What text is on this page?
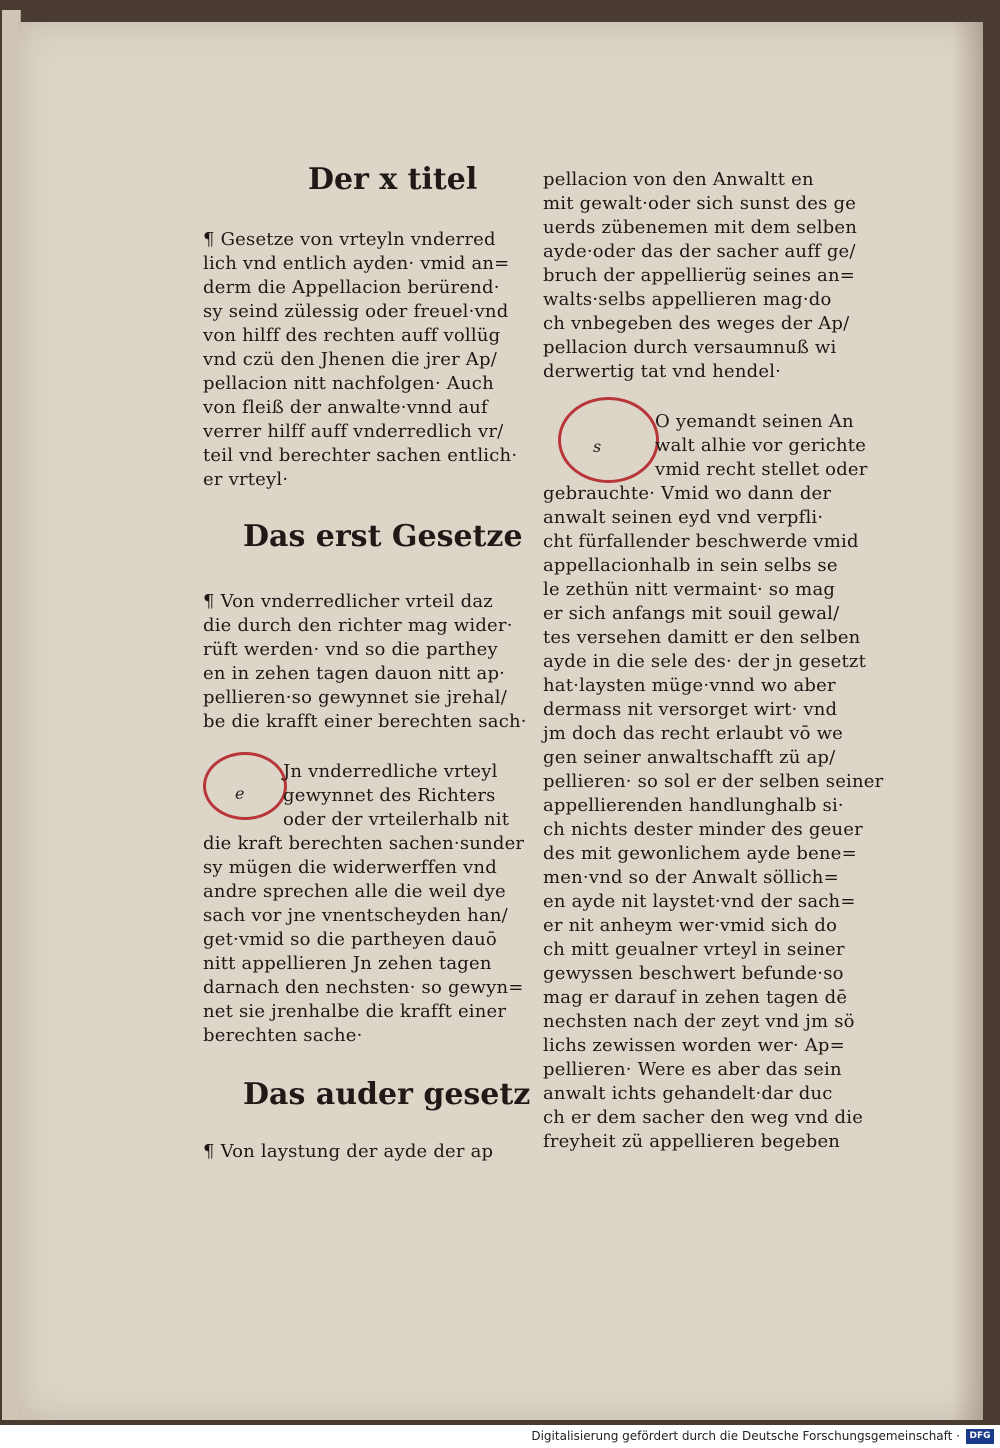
Der x titel
¶ Gesetze von vrteyln vnderred
lich vnd entlich ayden· vmid an=
derm die Appellacion berürend·
sy seind zülessig oder freuel·vnd
von hilff des rechten auff vollüg
vnd czü den Jhenen die jrer Ap/
pellacion nitt nachfolgen· Auch
von fleiß der anwalte·vnnd auf
verrer hilff auff vnderredlich vr/
teil vnd berechter sachen entlich·
er vrteyl·
Das erst Gesetze
¶ Von vnderredlicher vrteil daz
die durch den richter mag wider·
rüft werden· vnd so die parthey
en in zehen tagen dauon nitt ap·
pellieren·so gewynnet sie jrehal/
be die krafft einer berechten sach·
e
Jn vnderredliche vrteyl
gewynnet des Richters
oder der vrteilerhalb nit
die kraft berechten sachen·sunder
sy mügen die widerwerffen vnd
andre sprechen alle die weil dye
sach vor jne vnentscheyden han/
get·vmid so die partheyen dauō
nitt appellieren Jn zehen tagen
darnach den nechsten· so gewyn=
net sie jrenhalbe die krafft einer
berechten sache·
Das auder gesetz
¶ Von laystung der ayde der ap
pellacion von den Anwaltt en
mit gewalt·oder sich sunst des ge
uerds zübenemen mit dem selben
ayde·oder das der sacher auff ge/
bruch der appellierüg seines an=
walts·selbs appellieren mag·do
ch vnbegeben des weges der Ap/
pellacion durch versaumnuß wi
derwertig tat vnd hendel·
s
O yemandt seinen An
walt alhie vor gerichte
vmid recht stellet oder
gebrauchte· Vmid wo dann der
anwalt seinen eyd vnd verpfli·
cht fürfallender beschwerde vmid
appellacionhalb in sein selbs se
le zethün nitt vermaint· so mag
er sich anfangs mit souil gewal/
tes versehen damitt er den selben
ayde in die sele des· der jn gesetzt
hat·laysten müge·vnnd wo aber
dermass nit versorget wirt· vnd
jm doch das recht erlaubt vō we
gen seiner anwaltschafft zü ap/
pellieren· so sol er der selben seiner
appellierenden handlunghalb si·
ch nichts dester minder des geuer
des mit gewonlichem ayde bene=
men·vnd so der Anwalt söllich=
en ayde nit laystet·vnd der sach=
er nit anheym wer·vmid sich do
ch mitt geualner vrteyl in seiner
gewyssen beschwert befunde·so
mag er darauf in zehen tagen dē
nechsten nach der zeyt vnd jm sö
lichs zewissen worden wer· Ap=
pellieren· Were es aber das sein
anwalt ichts gehandelt·dar duc
ch er dem sacher den weg vnd die
freyheit zü appellieren begeben
Digitalisierung gefördert durch die Deutsche Forschungsgemeinschaft ·	DFG
